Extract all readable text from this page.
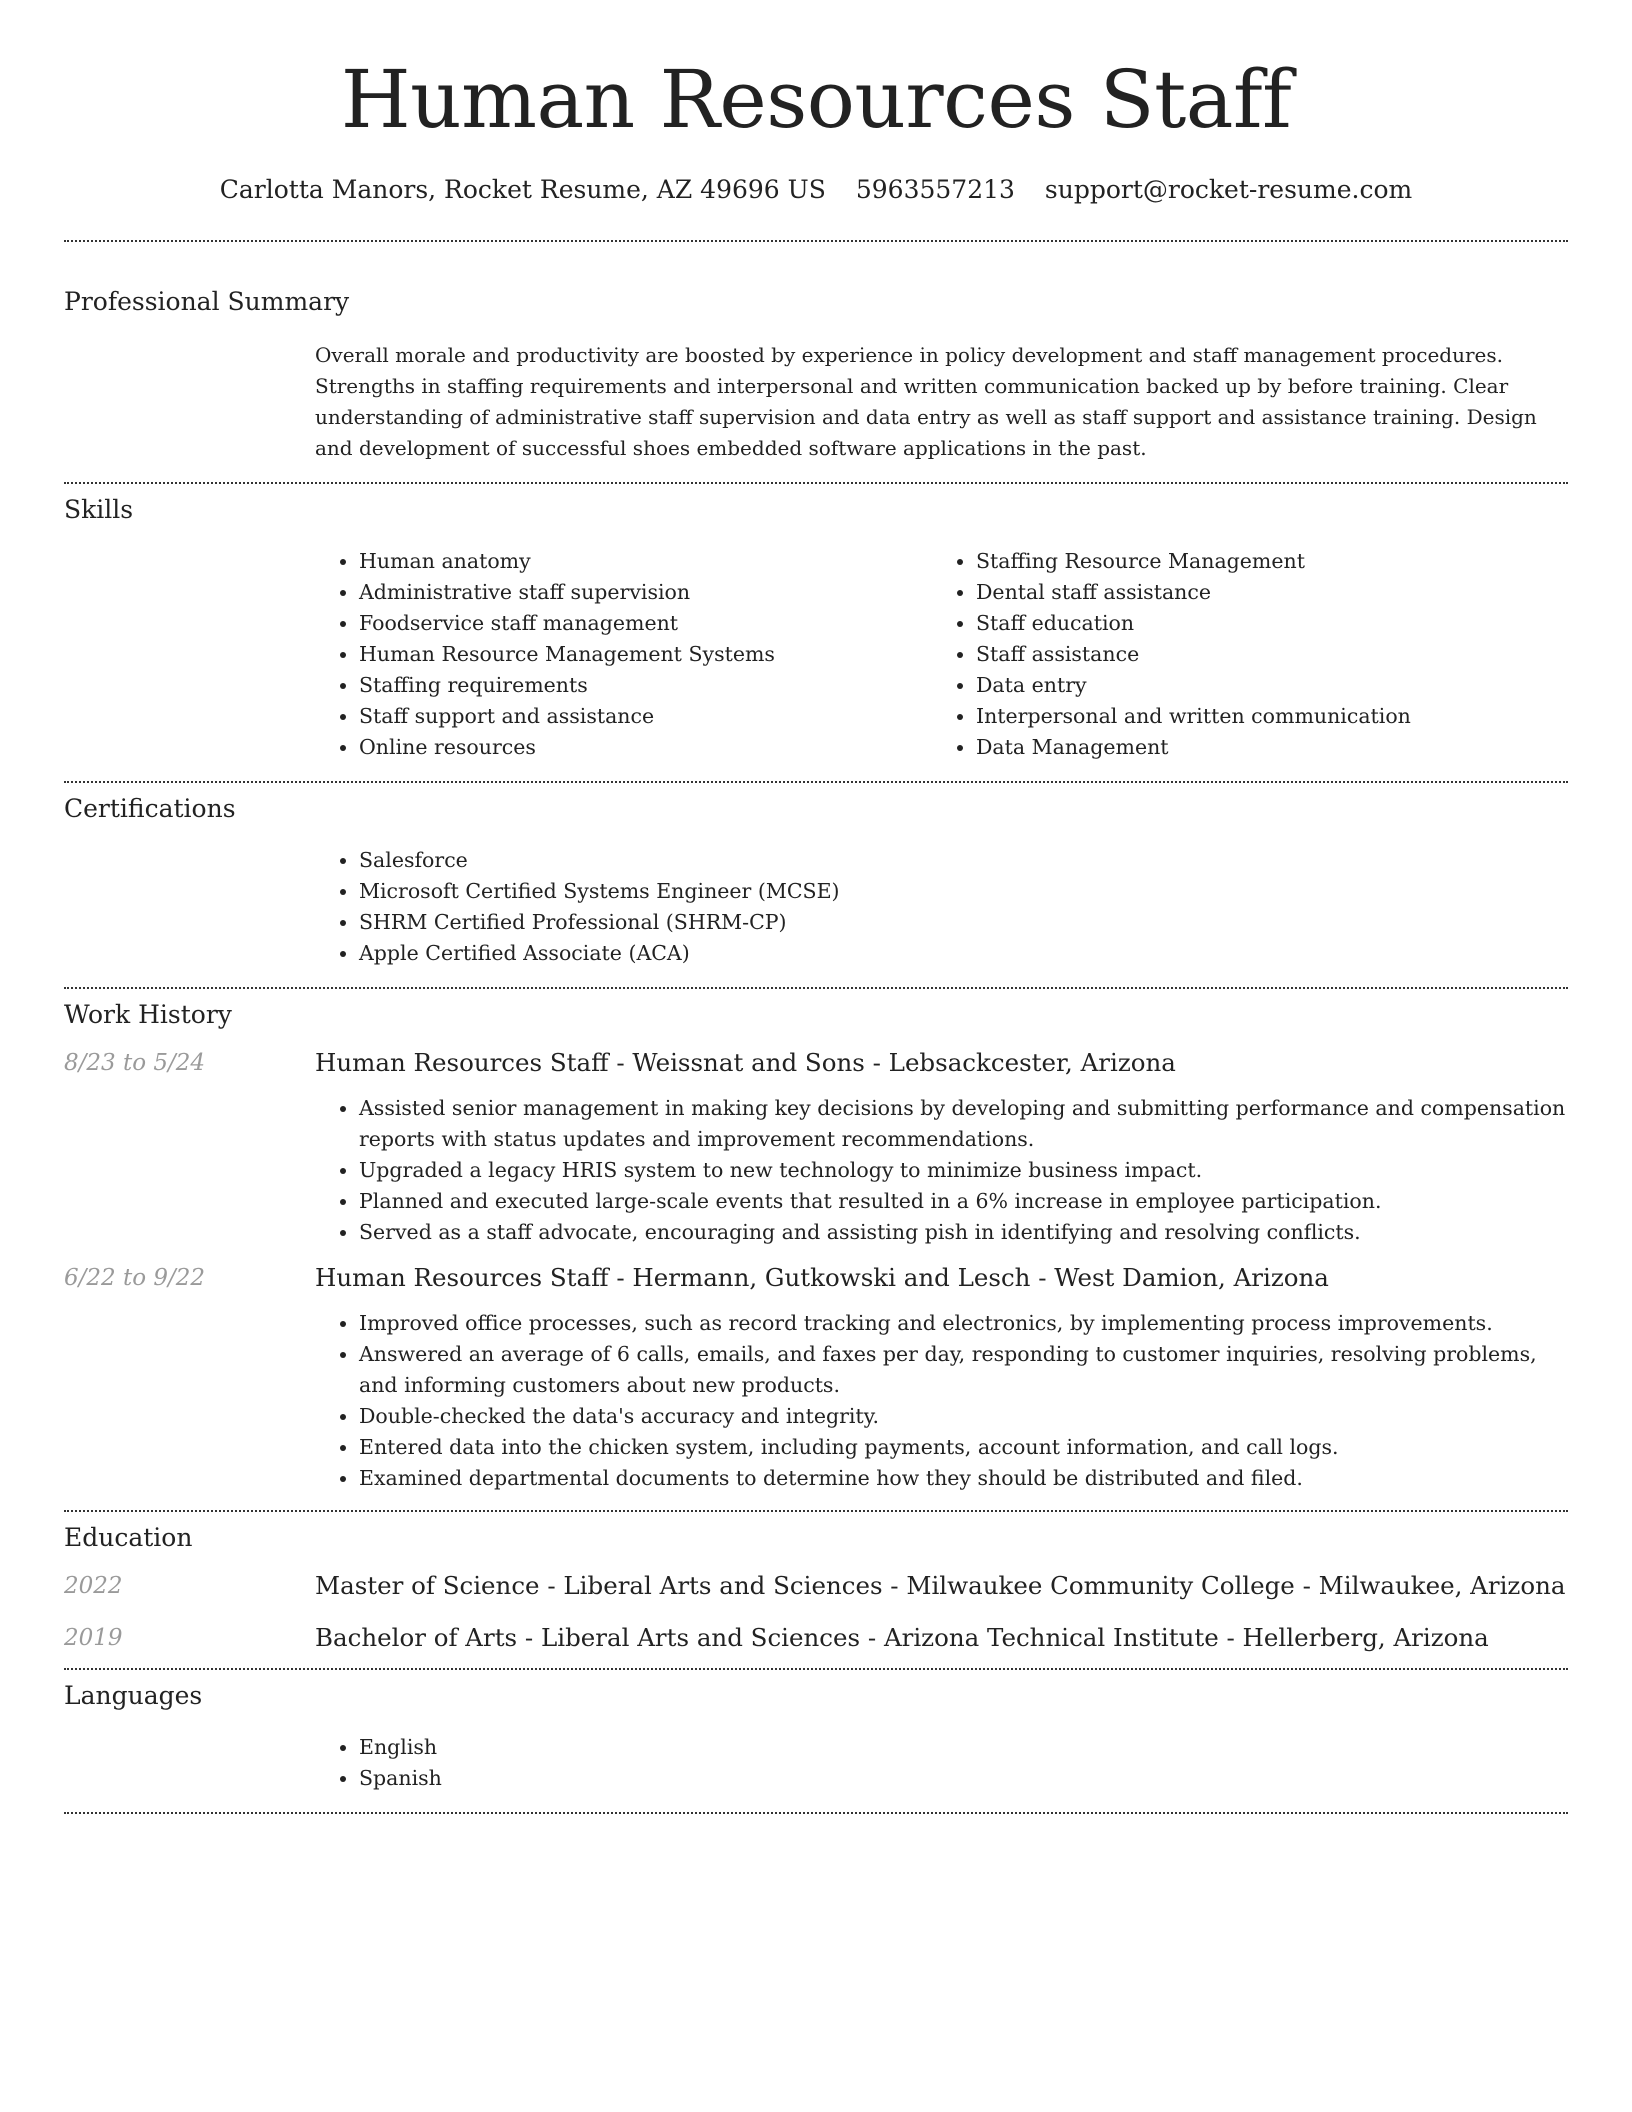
Human Resources Staff
Carlotta Manors, Rocket Resume, AZ 49696 US 5963557213 support@rocket-resume.com
Professional Summary

Overall morale and productivity are boosted by experience in policy development and staff management procedures. Strengths in staffing requirements and interpersonal and written communication backed up by before training. Clear understanding of administrative staff supervision and data entry as well as staff support and assistance training. Design and development of successful shoes embedded software applications in the past.

Skills
• Human anatomy
• Administrative staff supervision
• Foodservice staff management
• Human Resource Management Systems
• Staffing requirements
• Staff support and assistance
• Online resources
• Staffing Resource Management
• Dental staff assistance
• Staff education
• Staff assistance
• Data entry
• Interpersonal and written communication
• Data Management
Certifications
• Salesforce
• Microsoft Certified Systems Engineer (MCSE)
• SHRM Certified Professional (SHRM-CP)
• Apple Certified Associate (ACA)
Work History
8/23 to 5/24	Human Resources Staff - Weissnat and Sons - Lebsackcester, Arizona
• Assisted senior management in making key decisions by developing and submitting performance and compensation reports with status updates and improvement recommendations.
• Upgraded a legacy HRIS system to new technology to minimize business impact.
• Planned and executed large-scale events that resulted in a 6% increase in employee participation.
• Served as a staff advocate, encouraging and assisting pish in identifying and resolving conflicts.
6/22 to 9/22	Human Resources Staff - Hermann, Gutkowski and Lesch - West Damion, Arizona
• Improved office processes, such as record tracking and electronics, by implementing process improvements.
• Answered an average of 6 calls, emails, and faxes per day, responding to customer inquiries, resolving problems, and informing customers about new products.
• Double-checked the data's accuracy and integrity.
• Entered data into the chicken system, including payments, account information, and call logs.
• Examined departmental documents to determine how they should be distributed and filed.
Education
2022	Master of Science - Liberal Arts and Sciences - Milwaukee Community College - Milwaukee, Arizona
2019	Bachelor of Arts - Liberal Arts and Sciences - Arizona Technical Institute - Hellerberg, Arizona
Languages
• English
• Spanish
